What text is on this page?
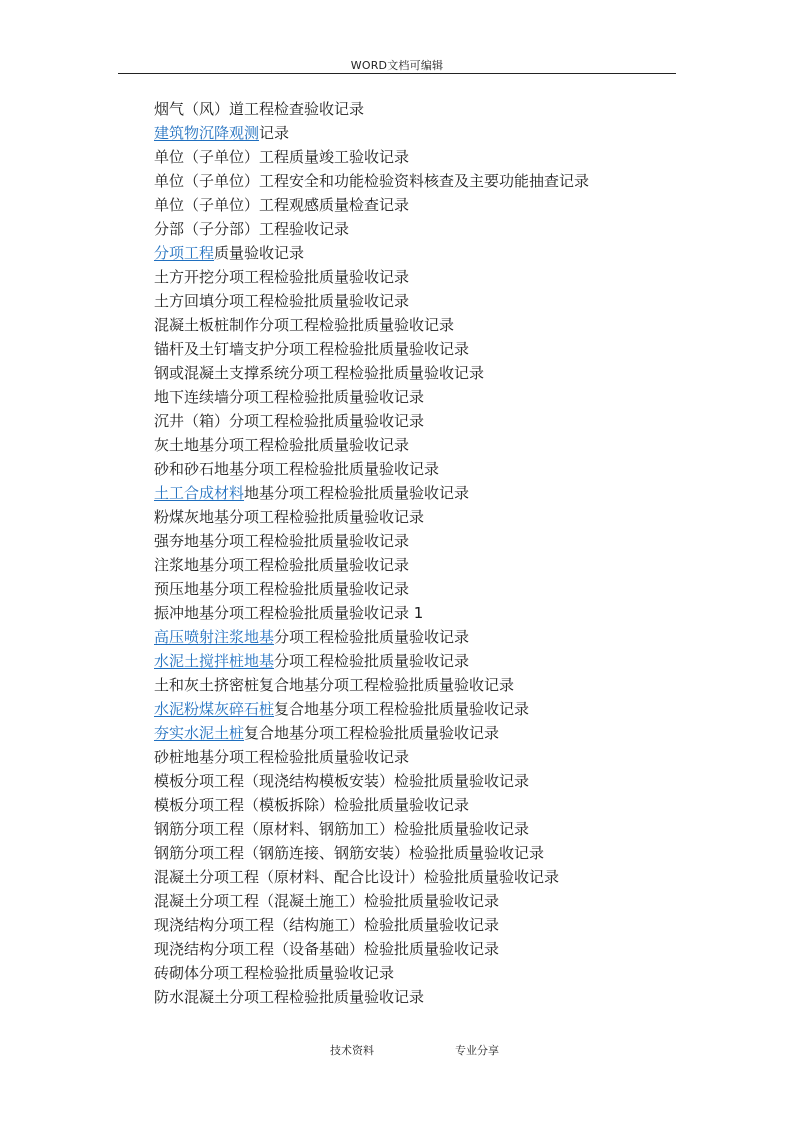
WORD文档可编辑
烟气（风）道工程检查验收记录
建筑物沉降观测记录
单位（子单位）工程质量竣工验收记录
单位（子单位）工程安全和功能检验资料核查及主要功能抽查记录
单位（子单位）工程观感质量检查记录
分部（子分部）工程验收记录
分项工程质量验收记录
土方开挖分项工程检验批质量验收记录
土方回填分项工程检验批质量验收记录
混凝土板桩制作分项工程检验批质量验收记录
锚杆及土钉墙支护分项工程检验批质量验收记录
钢或混凝土支撑系统分项工程检验批质量验收记录
地下连续墙分项工程检验批质量验收记录
沉井（箱）分项工程检验批质量验收记录
灰土地基分项工程检验批质量验收记录
砂和砂石地基分项工程检验批质量验收记录
土工合成材料地基分项工程检验批质量验收记录
粉煤灰地基分项工程检验批质量验收记录
强夯地基分项工程检验批质量验收记录
注浆地基分项工程检验批质量验收记录
预压地基分项工程检验批质量验收记录
振冲地基分项工程检验批质量验收记录 1
高压喷射注浆地基分项工程检验批质量验收记录
水泥土搅拌桩地基分项工程检验批质量验收记录
土和灰土挤密桩复合地基分项工程检验批质量验收记录
水泥粉煤灰碎石桩复合地基分项工程检验批质量验收记录
夯实水泥土桩复合地基分项工程检验批质量验收记录
砂桩地基分项工程检验批质量验收记录
模板分项工程（现浇结构模板安装）检验批质量验收记录
模板分项工程（模板拆除）检验批质量验收记录
钢筋分项工程（原材料、钢筋加工）检验批质量验收记录
钢筋分项工程（钢筋连接、钢筋安装）检验批质量验收记录
混凝土分项工程（原材料、配合比设计）检验批质量验收记录
混凝土分项工程（混凝土施工）检验批质量验收记录
现浇结构分项工程（结构施工）检验批质量验收记录
现浇结构分项工程（设备基础）检验批质量验收记录
砖砌体分项工程检验批质量验收记录
防水混凝土分项工程检验批质量验收记录
技术资料	专业分享
